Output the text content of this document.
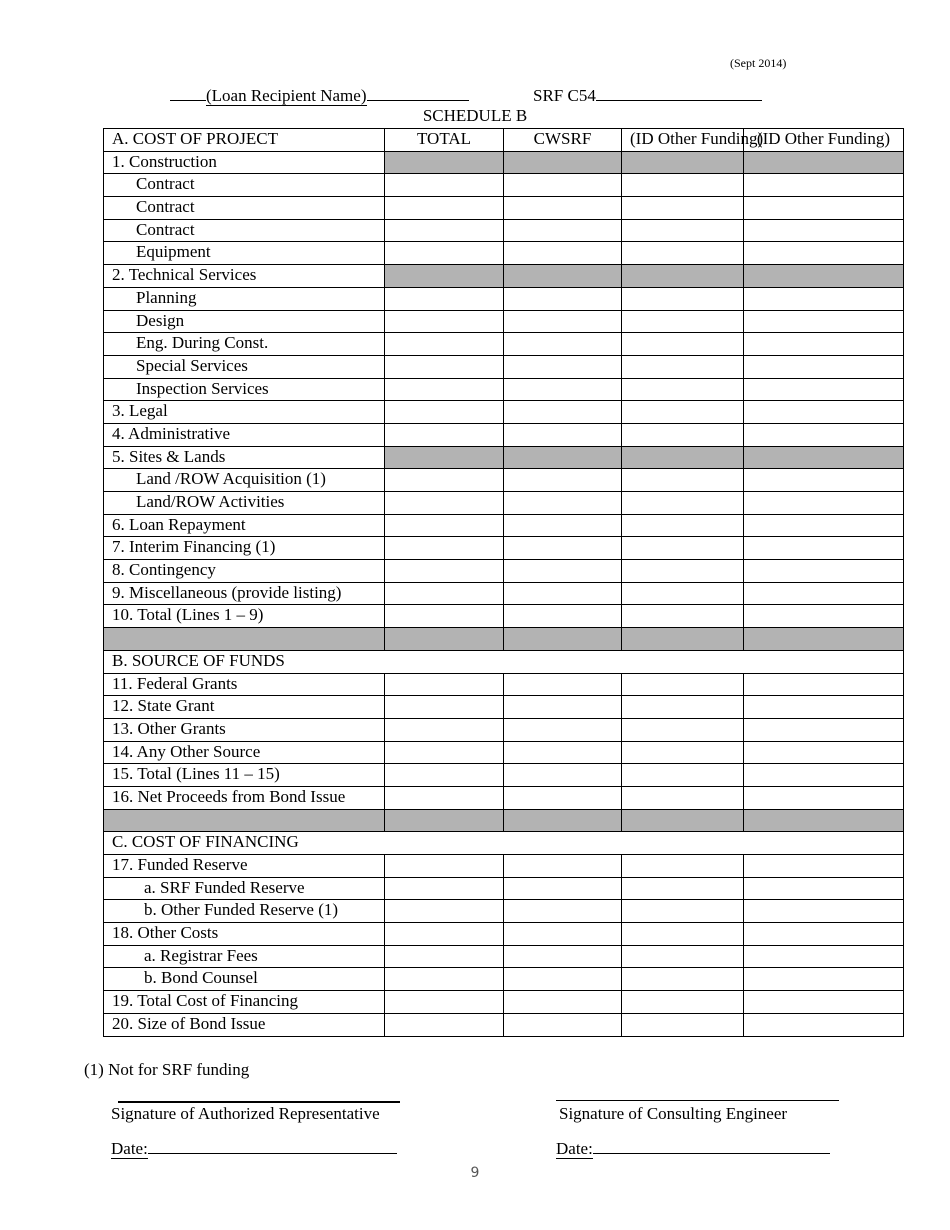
(Sept 2014)
(Loan Recipient Name)	SRF C54
SCHEDULE B
A. COST OF PROJECT	TOTAL	CWSRF	(ID Other Funding)	(ID Other Funding)
1. Construction				
Contract				
Contract				
Contract				
Equipment				
2. Technical Services				
Planning				
Design				
Eng. During Const.				
Special Services				
Inspection Services				
3. Legal				
4. Administrative				
5. Sites & Lands				
Land /ROW Acquisition (1)				
Land/ROW Activities				
6. Loan Repayment				
7. Interim Financing (1)				
8. Contingency				
9. Miscellaneous (provide listing)				
10. Total (Lines 1 – 9)				

B. SOURCE OF FUNDS				
11. Federal Grants				
12. State Grant				
13. Other Grants				
14. Any Other Source				
15. Total (Lines 11 – 15)				
16. Net Proceeds from Bond Issue				

C. COST OF FINANCING				
17. Funded Reserve				
a. SRF Funded Reserve				
b. Other Funded Reserve (1)				
18. Other Costs				
a. Registrar Fees				
b. Bond Counsel				
19. Total Cost of Financing				
20. Size of Bond Issue				
(1) Not for SRF funding
Signature of Authorized Representative	Signature of Consulting Engineer
Date:	Date:
9
